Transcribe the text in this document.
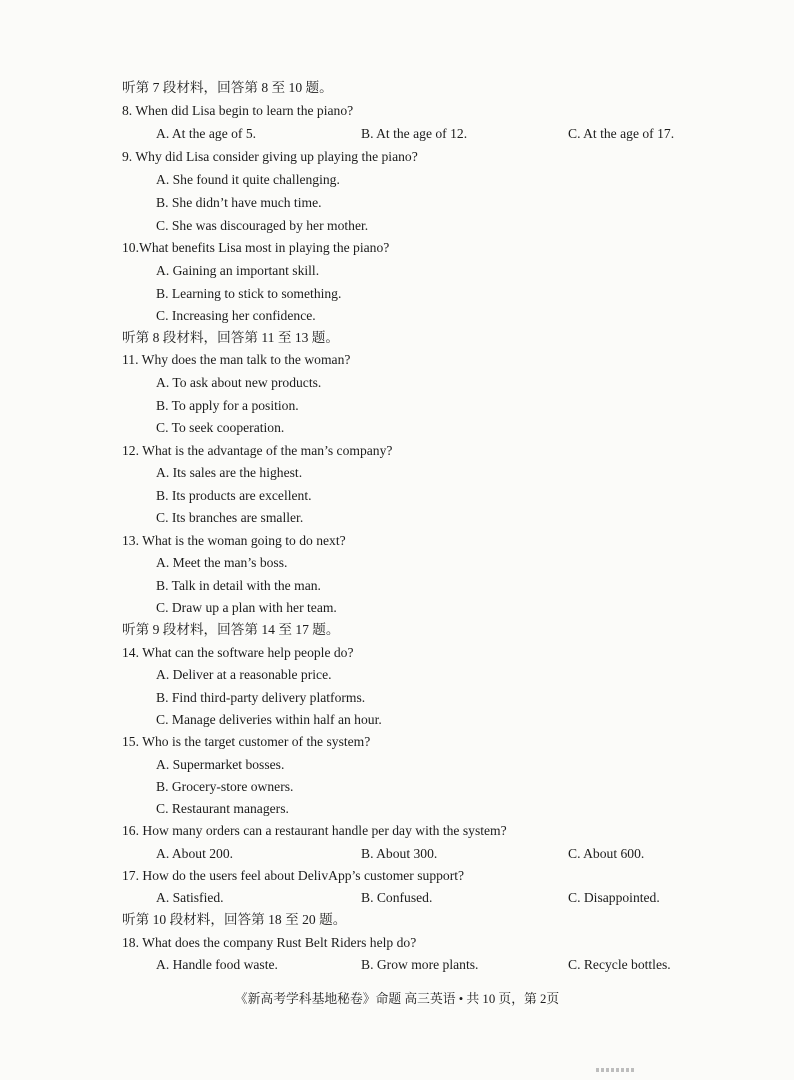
听第 7 段材料，回答第 8 至 10 题。
8. When did Lisa begin to learn the piano?
A. At the age of 5.	B. At the age of 12.	C. At the age of 17.
9. Why did Lisa consider giving up playing the piano?
A. She found it quite challenging.
B. She didn’t have much time.
C. She was discouraged by her mother.
10.What benefits Lisa most in playing the piano?
A. Gaining an important skill.
B. Learning to stick to something.
C. Increasing her confidence.
听第 8 段材料，回答第 11 至 13 题。
11. Why does the man talk to the woman?
A. To ask about new products.
B. To apply for a position.
C. To seek cooperation.
12. What is the advantage of the man’s company?
A. Its sales are the highest.
B. Its products are excellent.
C. Its branches are smaller.
13. What is the woman going to do next?
A. Meet the man’s boss.
B. Talk in detail with the man.
C. Draw up a plan with her team.
听第 9 段材料，回答第 14 至 17 题。
14. What can the software help people do?
A. Deliver at a reasonable price.
B. Find third-party delivery platforms.
C. Manage deliveries within half an hour.
15. Who is the target customer of the system?
A. Supermarket bosses.
B. Grocery-store owners.
C. Restaurant managers.
16. How many orders can a restaurant handle per day with the system?
A. About 200.	B. About 300.	C. About 600.
17. How do the users feel about DelivApp’s customer support?
A. Satisfied.	B. Confused.	C. Disappointed.
听第 10 段材料，回答第 18 至 20 题。
18. What does the company Rust Belt Riders help do?
A. Handle food waste.	B. Grow more plants.	C. Recycle bottles.
《新高考学科基地秘卷》命题 高三英语 • 共 10 页，第 2页
